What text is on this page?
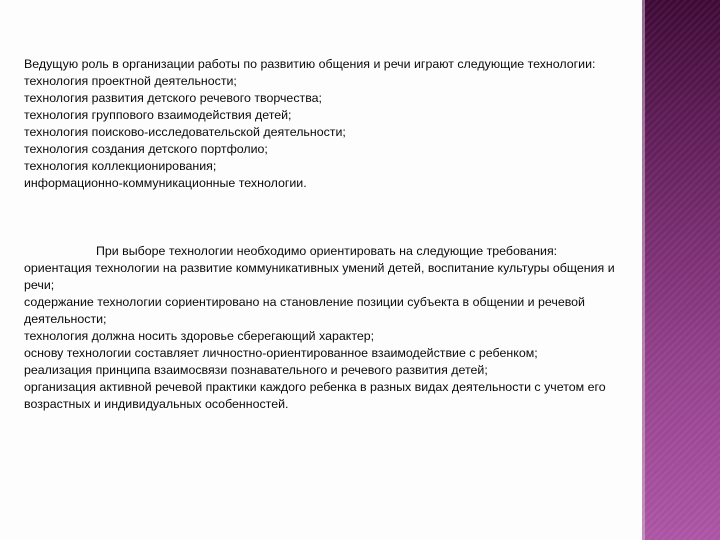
Ведущую роль в организации работы по развитию общения и речи играют следующие технологии:

технология проектной деятельности;

технология развития детского речевого творчества;

технология группового взаимодействия детей;

технология поисково-исследовательской деятельности;

технология создания детского портфолио;

технология коллекционирования;

информационно-коммуникационные технологии.

При выборе технологии необходимо ориентировать на следующие требования:

ориентация технологии на развитие коммуникативных умений детей, воспитание культуры общения и речи;

содержание технологии сориентировано на становление позиции субъекта в общении и речевой деятельности;

технология должна носить здоровье сберегающий характер;

основу технологии составляет личностно-ориентированное взаимодействие с ребенком;

реализация принципа взаимосвязи познавательного и речевого развития детей;

организация активной речевой практики каждого ребенка в разных видах деятельности с учетом его возрастных и индивидуальных особенностей.
